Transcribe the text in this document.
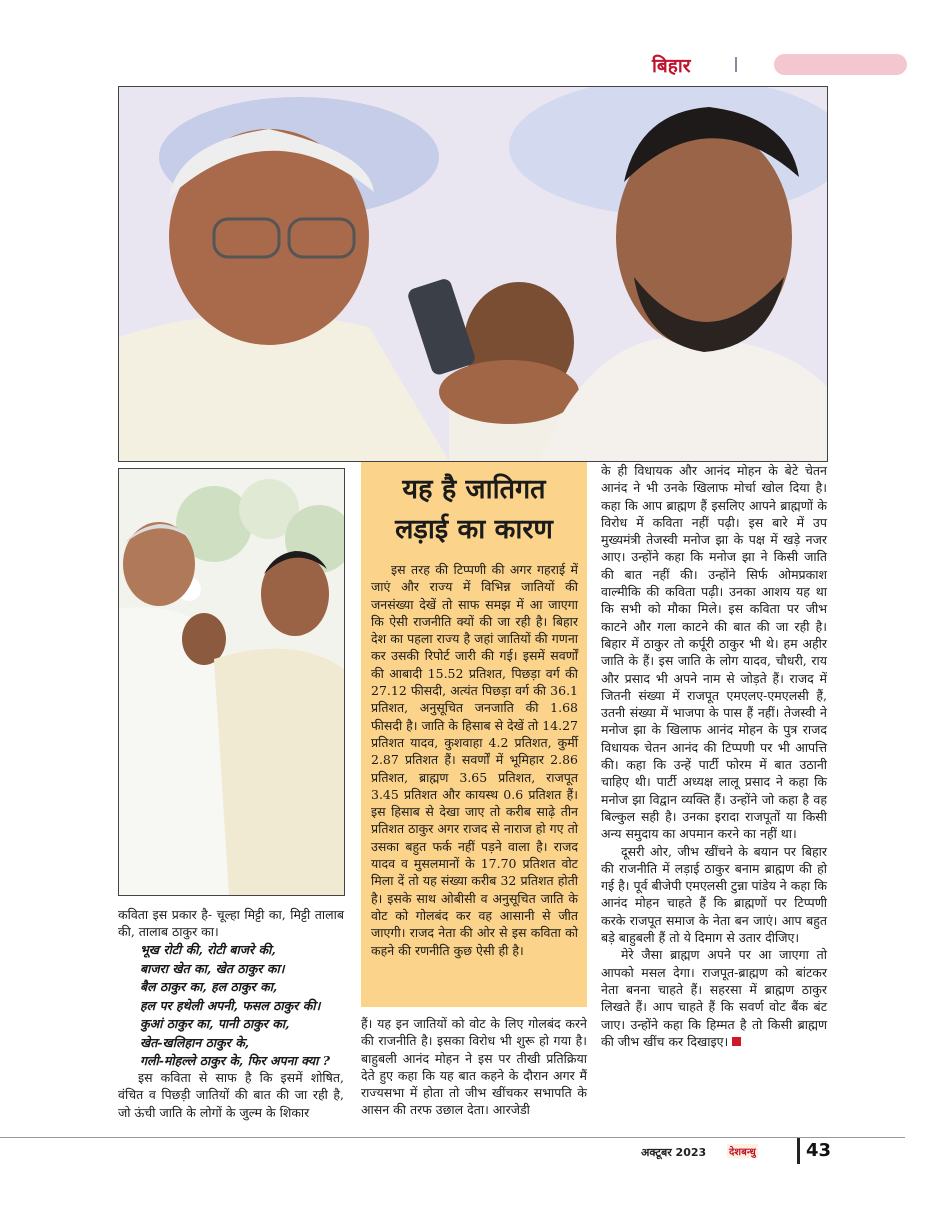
बिहार
यह है जातिगत
लड़ाई का कारण

इस तरह की टिप्पणी की अगर गहराई में जाएं और राज्य में विभिन्न जातियों की जनसंख्या देखें तो साफ समझ में आ जाएगा कि ऐसी राजनीति क्यों की जा रही है। बिहार देश का पहला राज्य है जहां जातियों की गणना कर उसकी रिपोर्ट जारी की गई। इसमें सवर्णों की आबादी 15.52 प्रतिशत, पिछड़ा वर्ग की 27.12 फीसदी, अत्यंत पिछड़ा वर्ग की 36.1 प्रतिशत, अनुसूचित जनजाति की 1.68 फीसदी है। जाति के हिसाब से देखें तो 14.27 प्रतिशत यादव, कुशवाहा 4.2 प्रतिशत, कुर्मी 2.87 प्रतिशत हैं। सवर्णों में भूमिहार 2.86 प्रतिशत, ब्राह्मण 3.65 प्रतिशत, राजपूत 3.45 प्रतिशत और कायस्थ 0.6 प्रतिशत हैं। इस हिसाब से देखा जाए तो करीब साढ़े तीन प्रतिशत ठाकुर अगर राजद से नाराज हो गए तो उसका बहुत फर्क नहीं पड़ने वाला है। राजद यादव व मुसलमानों के 17.70 प्रतिशत वोट मिला दें तो यह संख्या करीब 32 प्रतिशत होती है। इसके साथ ओबीसी व अनुसूचित जाति के वोट को गोलबंद कर वह आसानी से जीत जाएगी। राजद नेता की ओर से इस कविता को कहने की रणनीति कुछ ऐसी ही है।

कविता इस प्रकार है- चूल्हा मिट्टी का, मिट्टी तालाब की, तालाब ठाकुर का।

भूख रोटी की, रोटी बाजरे की,
बाजरा खेत का, खेत ठाकुर का।
बैल ठाकुर का, हल ठाकुर का,
हल पर हथेली अपनी, फसल ठाकुर की।
कुआं ठाकुर का, पानी ठाकुर का,
खेत-खलिहान ठाकुर के,
गली-मोहल्ले ठाकुर के, फिर अपना क्या ?

इस कविता से साफ है कि इसमें शोषित, वंचित व पिछड़ी जातियों की बात की जा रही है, जो ऊंची जाति के लोगों के जुल्म के शिकार

हैं। यह इन जातियों को वोट के लिए गोलबंद करने की राजनीति है। इसका विरोध भी शुरू हो गया है। बाहुबली आनंद मोहन ने इस पर तीखी प्रतिक्रिया देते हुए कहा कि यह बात कहने के दौरान अगर मैं राज्यसभा में होता तो जीभ खींचकर सभापति के आसन की तरफ उछाल देता। आरजेडी

के ही विधायक और आनंद मोहन के बेटे चेतन आनंद ने भी उनके खिलाफ मोर्चा खोल दिया है। कहा कि आप ब्राह्मण हैं इसलिए आपने ब्राह्मणों के विरोध में कविता नहीं पढ़ी। इस बारे में उप मुख्यमंत्री तेजस्वी मनोज झा के पक्ष में खड़े नजर आए। उन्होंने कहा कि मनोज झा ने किसी जाति की बात नहीं की। उन्होंने सिर्फ ओमप्रकाश वाल्मीकि की कविता पढ़ी। उनका आशय यह था कि सभी को मौका मिले। इस कविता पर जीभ काटने और गला काटने की बात की जा रही है। बिहार में ठाकुर तो कर्पूरी ठाकुर भी थे। हम अहीर जाति के हैं। इस जाति के लोग यादव, चौधरी, राय और प्रसाद भी अपने नाम से जोड़ते हैं। राजद में जितनी संख्या में राजपूत एमएलए-एमएलसी हैं, उतनी संख्या में भाजपा के पास हैं नहीं। तेजस्वी ने मनोज झा के खिलाफ आनंद मोहन के पुत्र राजद विधायक चेतन आनंद की टिप्पणी पर भी आपत्ति की। कहा कि उन्हें पार्टी फोरम में बात उठानी चाहिए थी। पार्टी अध्यक्ष लालू प्रसाद ने कहा कि मनोज झा विद्वान व्यक्ति हैं। उन्होंने जो कहा है वह बिल्कुल सही है। उनका इरादा राजपूतों या किसी अन्य समुदाय का अपमान करने का नहीं था।

दूसरी ओर, जीभ खींचने के बयान पर बिहार की राजनीति में लड़ाई ठाकुर बनाम ब्राह्मण की हो गई है। पूर्व बीजेपी एमएलसी टुन्ना पांडेय ने कहा कि आनंद मोहन चाहते हैं कि ब्राह्मणों पर टिप्पणी करके राजपूत समाज के नेता बन जाएं। आप बहुत बड़े बाहुबली हैं तो ये दिमाग से उतार दीजिए।

मेरे जैसा ब्राह्मण अपने पर आ जाएगा तो आपको मसल देगा। राजपूत-ब्राह्मण को बांटकर नेता बनना चाहते हैं। सहरसा में ब्राह्मण ठाकुर लिखते हैं। आप चाहते हैं कि सवर्ण वोट बैंक बंट जाए। उन्होंने कहा कि हिम्मत है तो किसी ब्राह्मण की जीभ खींच कर दिखाइए।

अक्टूबर 2023 देशबन्धु	43
